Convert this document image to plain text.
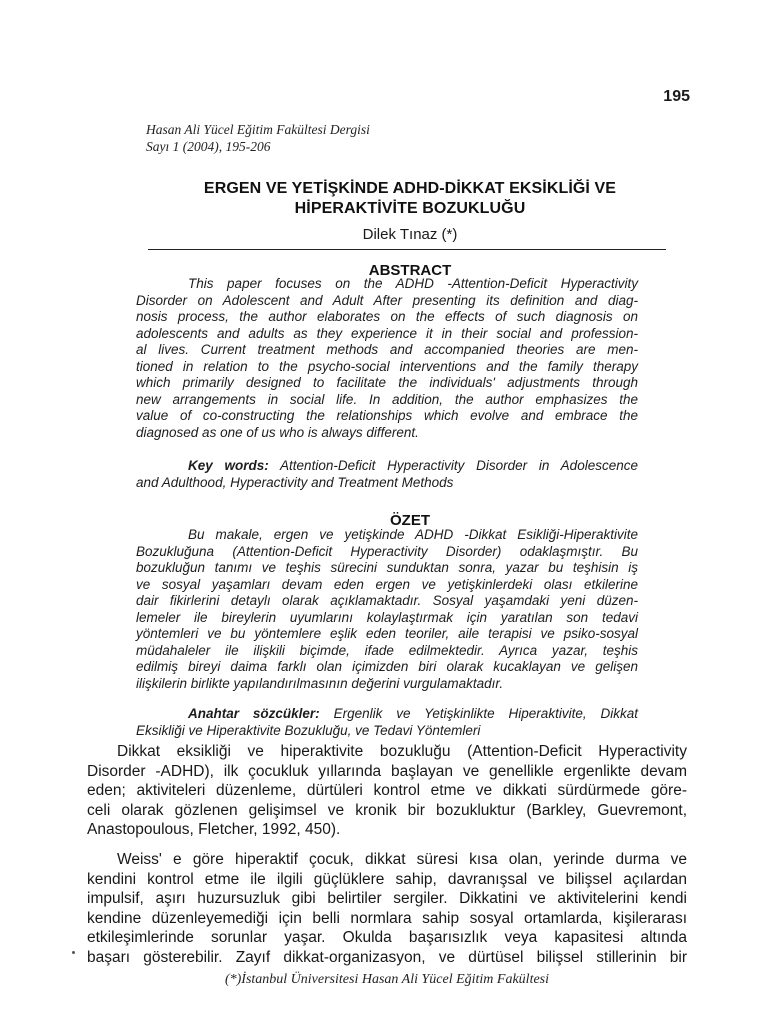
195
Hasan Ali Yücel Eğitim Fakültesi Dergisi
Sayı 1 (2004), 195-206
ERGEN VE YETİŞKİNDE ADHD-DİKKAT EKSİKLİĞİ VE
HİPERAKTİVİTE BOZUKLUĞU
Dilek Tınaz (*)
ABSTRACT
This paper focuses on the ADHD -Attention-Deficit Hyperactivity
Disorder on Adolescent and Adult After presenting its definition and diag-
nosis process, the author elaborates on the effects of such diagnosis on
adolescents and adults as they experience it in their social and profession-
al lives. Current treatment methods and accompanied theories are men-
tioned in relation to the psycho-social interventions and the family therapy
which primarily designed to facilitate the individuals' adjustments through
new arrangements in social life. In addition, the author emphasizes the
value of co-constructing the relationships which evolve and embrace the
diagnosed as one of us who is always different.
Key words: Attention-Deficit Hyperactivity Disorder in Adolescence
and Adulthood, Hyperactivity and Treatment Methods
ÖZET
Bu makale, ergen ve yetişkinde ADHD -Dikkat Esikliği-Hiperaktivite
Bozukluğuna (Attention-Deficit Hyperactivity Disorder) odaklaşmıştır. Bu
bozukluğun tanımı ve teşhis sürecini sunduktan sonra, yazar bu teşhisin iş
ve sosyal yaşamları devam eden ergen ve yetişkinlerdeki olası etkilerine
dair fikirlerini detaylı olarak açıklamaktadır. Sosyal yaşamdaki yeni düzen-
lemeler ile bireylerin uyumlarını kolaylaştırmak için yaratılan son tedavi
yöntemleri ve bu yöntemlere eşlik eden teoriler, aile terapisi ve psiko-sosyal
müdahaleler ile ilişkili biçimde, ifade edilmektedir. Ayrıca yazar, teşhis
edilmiş bireyi daima farklı olan içimizden biri olarak kucaklayan ve gelişen
ilişkilerin birlikte yapılandırılmasının değerini vurgulamaktadır.
Anahtar sözcükler: Ergenlik ve Yetişkinlikte Hiperaktivite, Dikkat
Eksikliği ve Hiperaktivite Bozukluğu, ve Tedavi Yöntemleri
Dikkat eksikliği ve hiperaktivite bozukluğu (Attention-Deficit Hyperactivity
Disorder -ADHD), ilk çocukluk yıllarında başlayan ve genellikle ergenlikte devam
eden; aktiviteleri düzenleme, dürtüleri kontrol etme ve dikkati sürdürmede göre-
celi olarak gözlenen gelişimsel ve kronik bir bozukluktur (Barkley, Guevremont,
Anastopoulous, Fletcher, 1992, 450).
Weiss' e göre hiperaktif çocuk, dikkat süresi kısa olan, yerinde durma ve
kendini kontrol etme ile ilgili güçlüklere sahip, davranışsal ve bilişsel açılardan
impulsif, aşırı huzursuzluk gibi belirtiler sergiler. Dikkatini ve aktivitelerini kendi
kendine düzenleyemediği için belli normlara sahip sosyal ortamlarda, kişilerarası
etkileşimlerinde sorunlar yaşar. Okulda başarısızlık veya kapasitesi altında
başarı gösterebilir. Zayıf dikkat-organizasyon, ve dürtüsel bilişsel stillerinin bir
(*)İstanbul Üniversitesi Hasan Ali Yücel Eğitim Fakültesi
